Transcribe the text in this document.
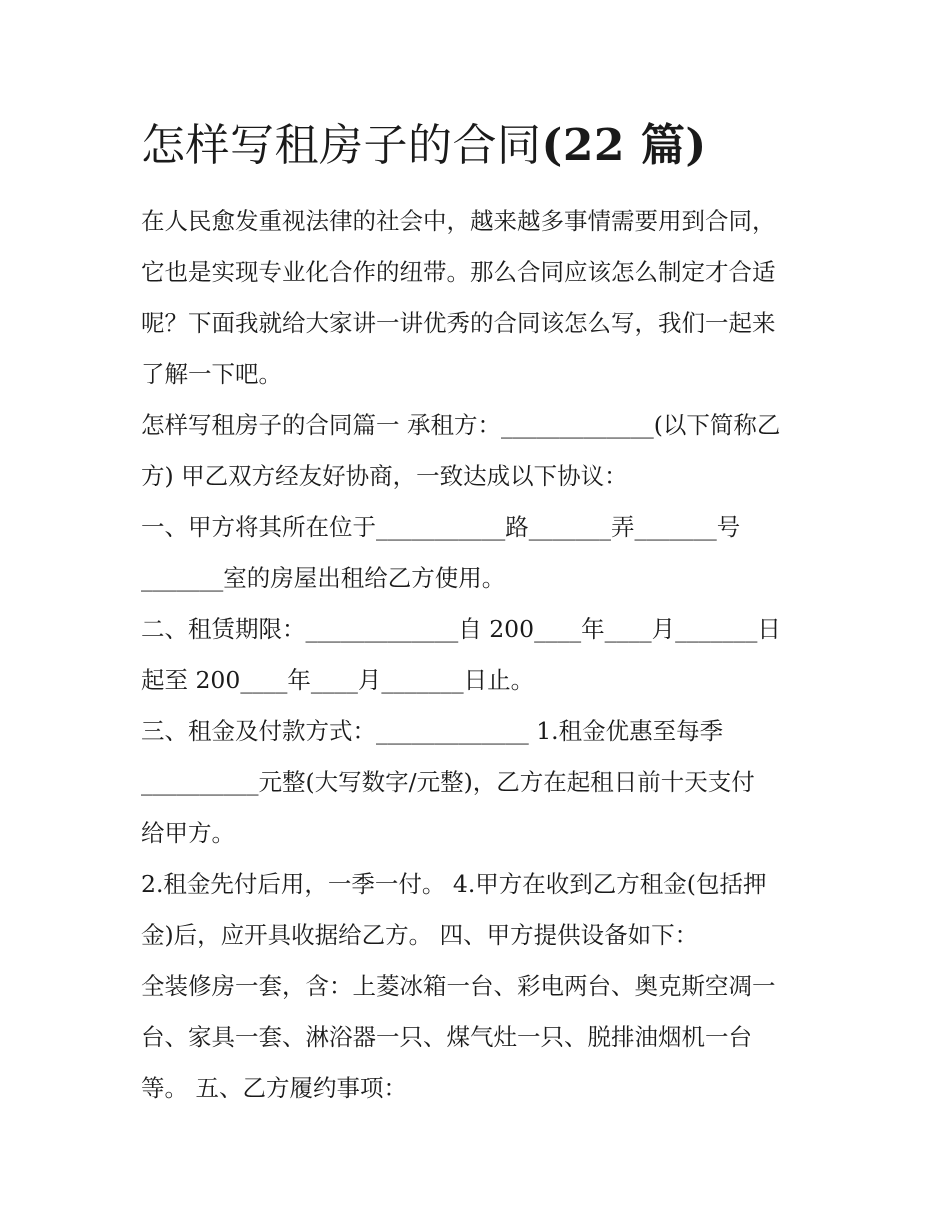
怎样写租房子的合同(22 篇)

在人民愈发重视法律的社会中，越来越多事情需要用到合同，
它也是实现专业化合作的纽带。那么合同应该怎么制定才合适
呢？下面我就给大家讲一讲优秀的合同该怎么写，我们一起来
了解一下吧。

怎样写租房子的合同篇一 承租方：_____________(以下简称乙
方) 甲乙双方经友好协商，一致达成以下协议：

一、甲方将其所在位于___________路_______弄_______号
_______室的房屋出租给乙方使用。

二、租赁期限：_____________自 200____年____月_______日
起至 200____年____月_______日止。

三、租金及付款方式：_____________ 1.租金优惠至每季
__________元整(大写数字/元整)，乙方在起租日前十天支付
给甲方。

2.租金先付后用，一季一付。 4.甲方在收到乙方租金(包括押
金)后，应开具收据给乙方。 四、甲方提供设备如下：

全装修房一套，含：上菱冰箱一台、彩电两台、奥克斯空凋一
台、家具一套、淋浴器一只、煤气灶一只、脱排油烟机一台
等。 五、乙方履约事项：
